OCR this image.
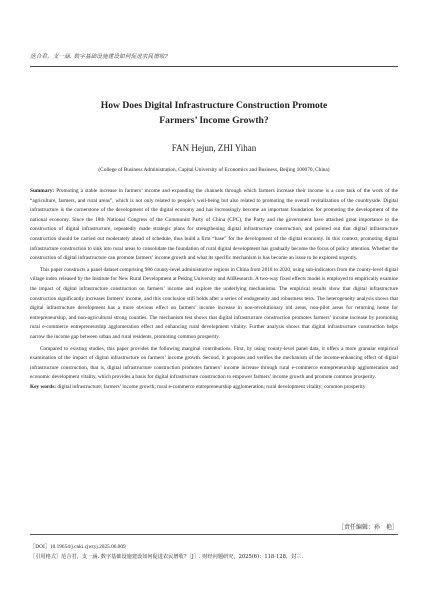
范合君，支一涵. 数字基础设施建设如何促进农民增收?
How Does Digital Infrastructure Construction Promote
Farmers’ Income Growth?
FAN Hejun, ZHI Yihan
(College of Business Administration, Capital University of Economics and Business, Beijing 100070, China)

Summary: Promoting a stable increase in farmers’ income and expanding the channels through which farmers increase their income is a core task of the work of the “agriculture, farmers, and rural areas”, which is not only related to people’s well-being but also related to promoting the overall revitalization of the countryside. Digital infrastructure is the cornerstone of the development of the digital economy and has increasingly become an important foundation for promoting the development of the national economy. Since the 18th National Congress of the Communist Party of China (CPC), the Party and the government have attached great importance to the construction of digital infrastructure, repeatedly made strategic plans for strengthening digital infrastructure construction, and pointed out that digital infrastructure construction should be carried out moderately ahead of schedule, thus build a firm “base” for the development of the digital economy. In this context, promoting digital infrastructure construction to sink into rural areas to consolidate the foundation of rural digital development has gradually become the focus of policy attention. Whether the construction of digital infrastructure can promote farmers’ income growth and what its specific mechanism is has become an issue to be explored urgently.

This paper constructs a panel dataset comprising 986 county-level administrative regions in China from 2018 to 2020, using sub-indicators from the county-level digital village index released by the Institute for New Rural Development at Peking University and AliResearch. A two-way fixed effects model is employed to empirically examine the impact of digital infrastructure construction on farmers’ income and explore the underlying mechanisms. The empirical results show that digital infrastructure construction significantly increases farmers’ income, and this conclusion still holds after a series of endogeneity and robustness tests. The heterogeneity analysis shows that digital infrastructure development has a more obvious effect on farmers’ income increase in non-revolutionary old areas, non-pilot areas for returning home for entrepreneurship, and non-agricultural strong counties. The mechanism test shows that digital infrastructure construction promotes farmers’ income increase by promoting rural e-commerce entrepreneurship agglomeration effect and enhancing rural development vitality. Further analysis shows that digital infrastructure construction helps narrow the income gap between urban and rural residents, promoting common prosperity.

Compared to existing studies, this paper provides the following marginal contributions. First, by using county-level panel data, it offers a more granular empirical examination of the impact of digital infrastructure on farmers’ income growth. Second, it proposes and verifies the mechanism of the income-enhancing effect of digital infrastructure construction, that is, digital infrastructure construction promotes farmers’ income increase through rural e-commerce entrepreneurship agglomeration and economic development vitality, which provides a basis for digital infrastructure construction to empower farmers’ income growth and promote common prosperity.

Key words: digital infrastructure; farmers’ income growth; rural e-commerce entrepreneurship agglomeration; rural development vitality; common prosperity

［责任编辑：孙　艳］
［DOI］10.19654/j.cnki.cjwtyj.2025.06.009
［引用格式］范合君，支一涵. 数字基础设施建设如何促进农民增收?［J］. 财经问题研究，2025(6)：118-128，封三.
